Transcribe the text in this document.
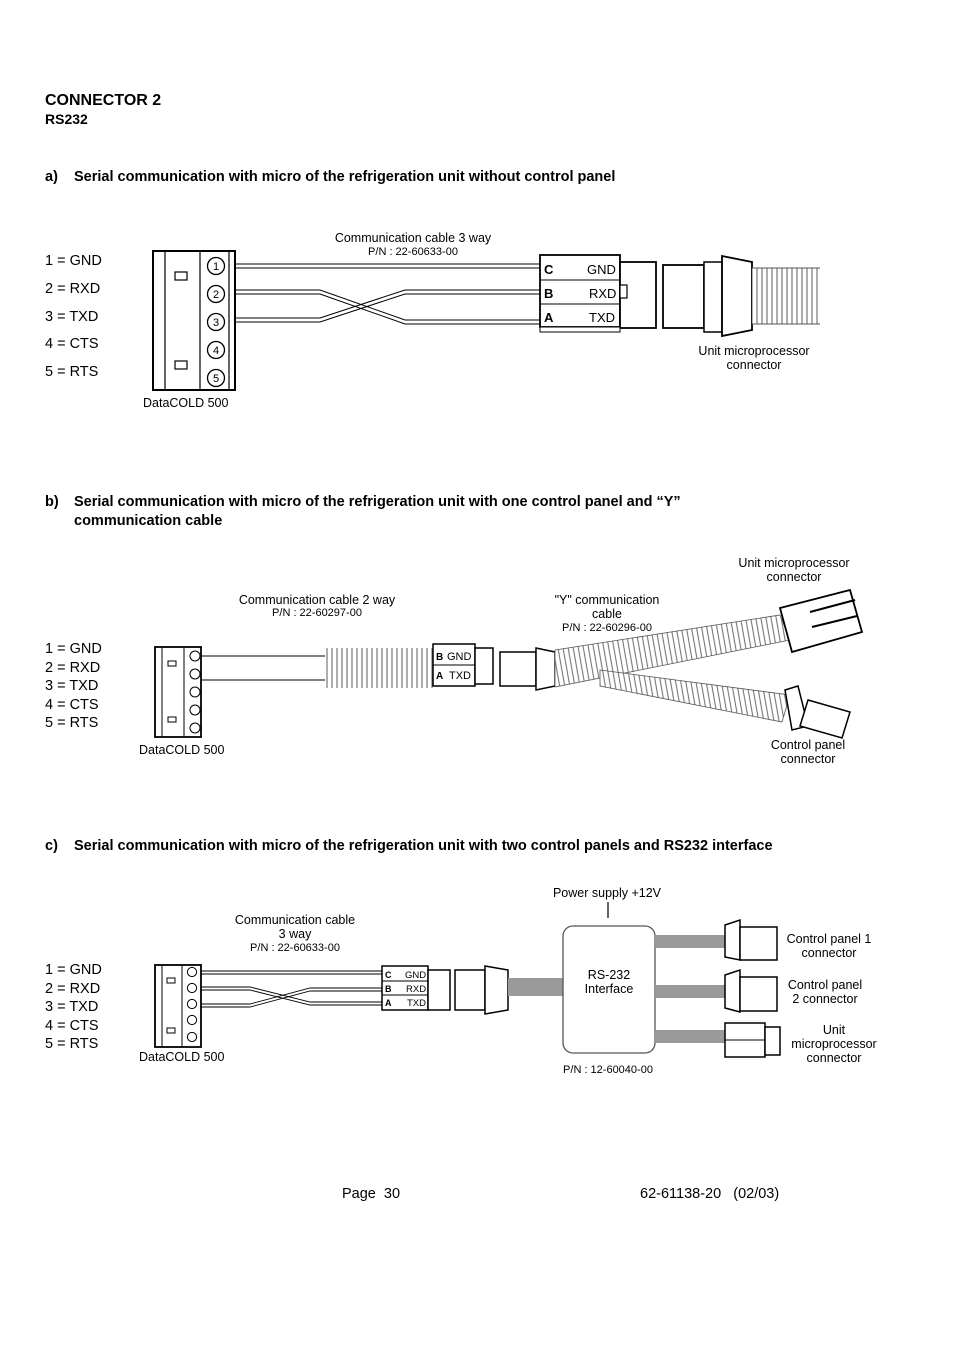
CONNECTOR 2
RS232
a) Serial communication with micro of the refrigeration unit without control panel
1 = GND
2 = RXD
3 = TXD
4 = CTS
5 = RTS
Communication cable 3 way
P/N : 22-60633-00
DataCOLD 500
Unit microprocessor
connector
1
2
3
4
5
C
B
A
GND
RXD
TXD
B
A
GND
TXD
C
B
A
GND
RXD
TXD
b) Serial communication with micro of the refrigeration unit with one control panel and “Y”
communication cable
1 = GND
2 = RXD
3 = TXD
4 = CTS
5 = RTS
Communication cable 2 way
P/N : 22-60297-00
"Y" communication
cable
P/N : 22-60296-00
Unit microprocessor
connector
Control panel
connector
DataCOLD 500
c) Serial communication with micro of the refrigeration unit with two control panels and RS232 interface
1 = GND
2 = RXD
3 = TXD
4 = CTS
5 = RTS
Power supply +12V
Communication cable
3 way
P/N : 22-60633-00
RS-232
Interface
P/N : 12-60040-00
Control panel 1
connector
Control panel
2 connector
Unit
microprocessor
connector
DataCOLD 500
Page  30	62-61138-20   (02/03)
